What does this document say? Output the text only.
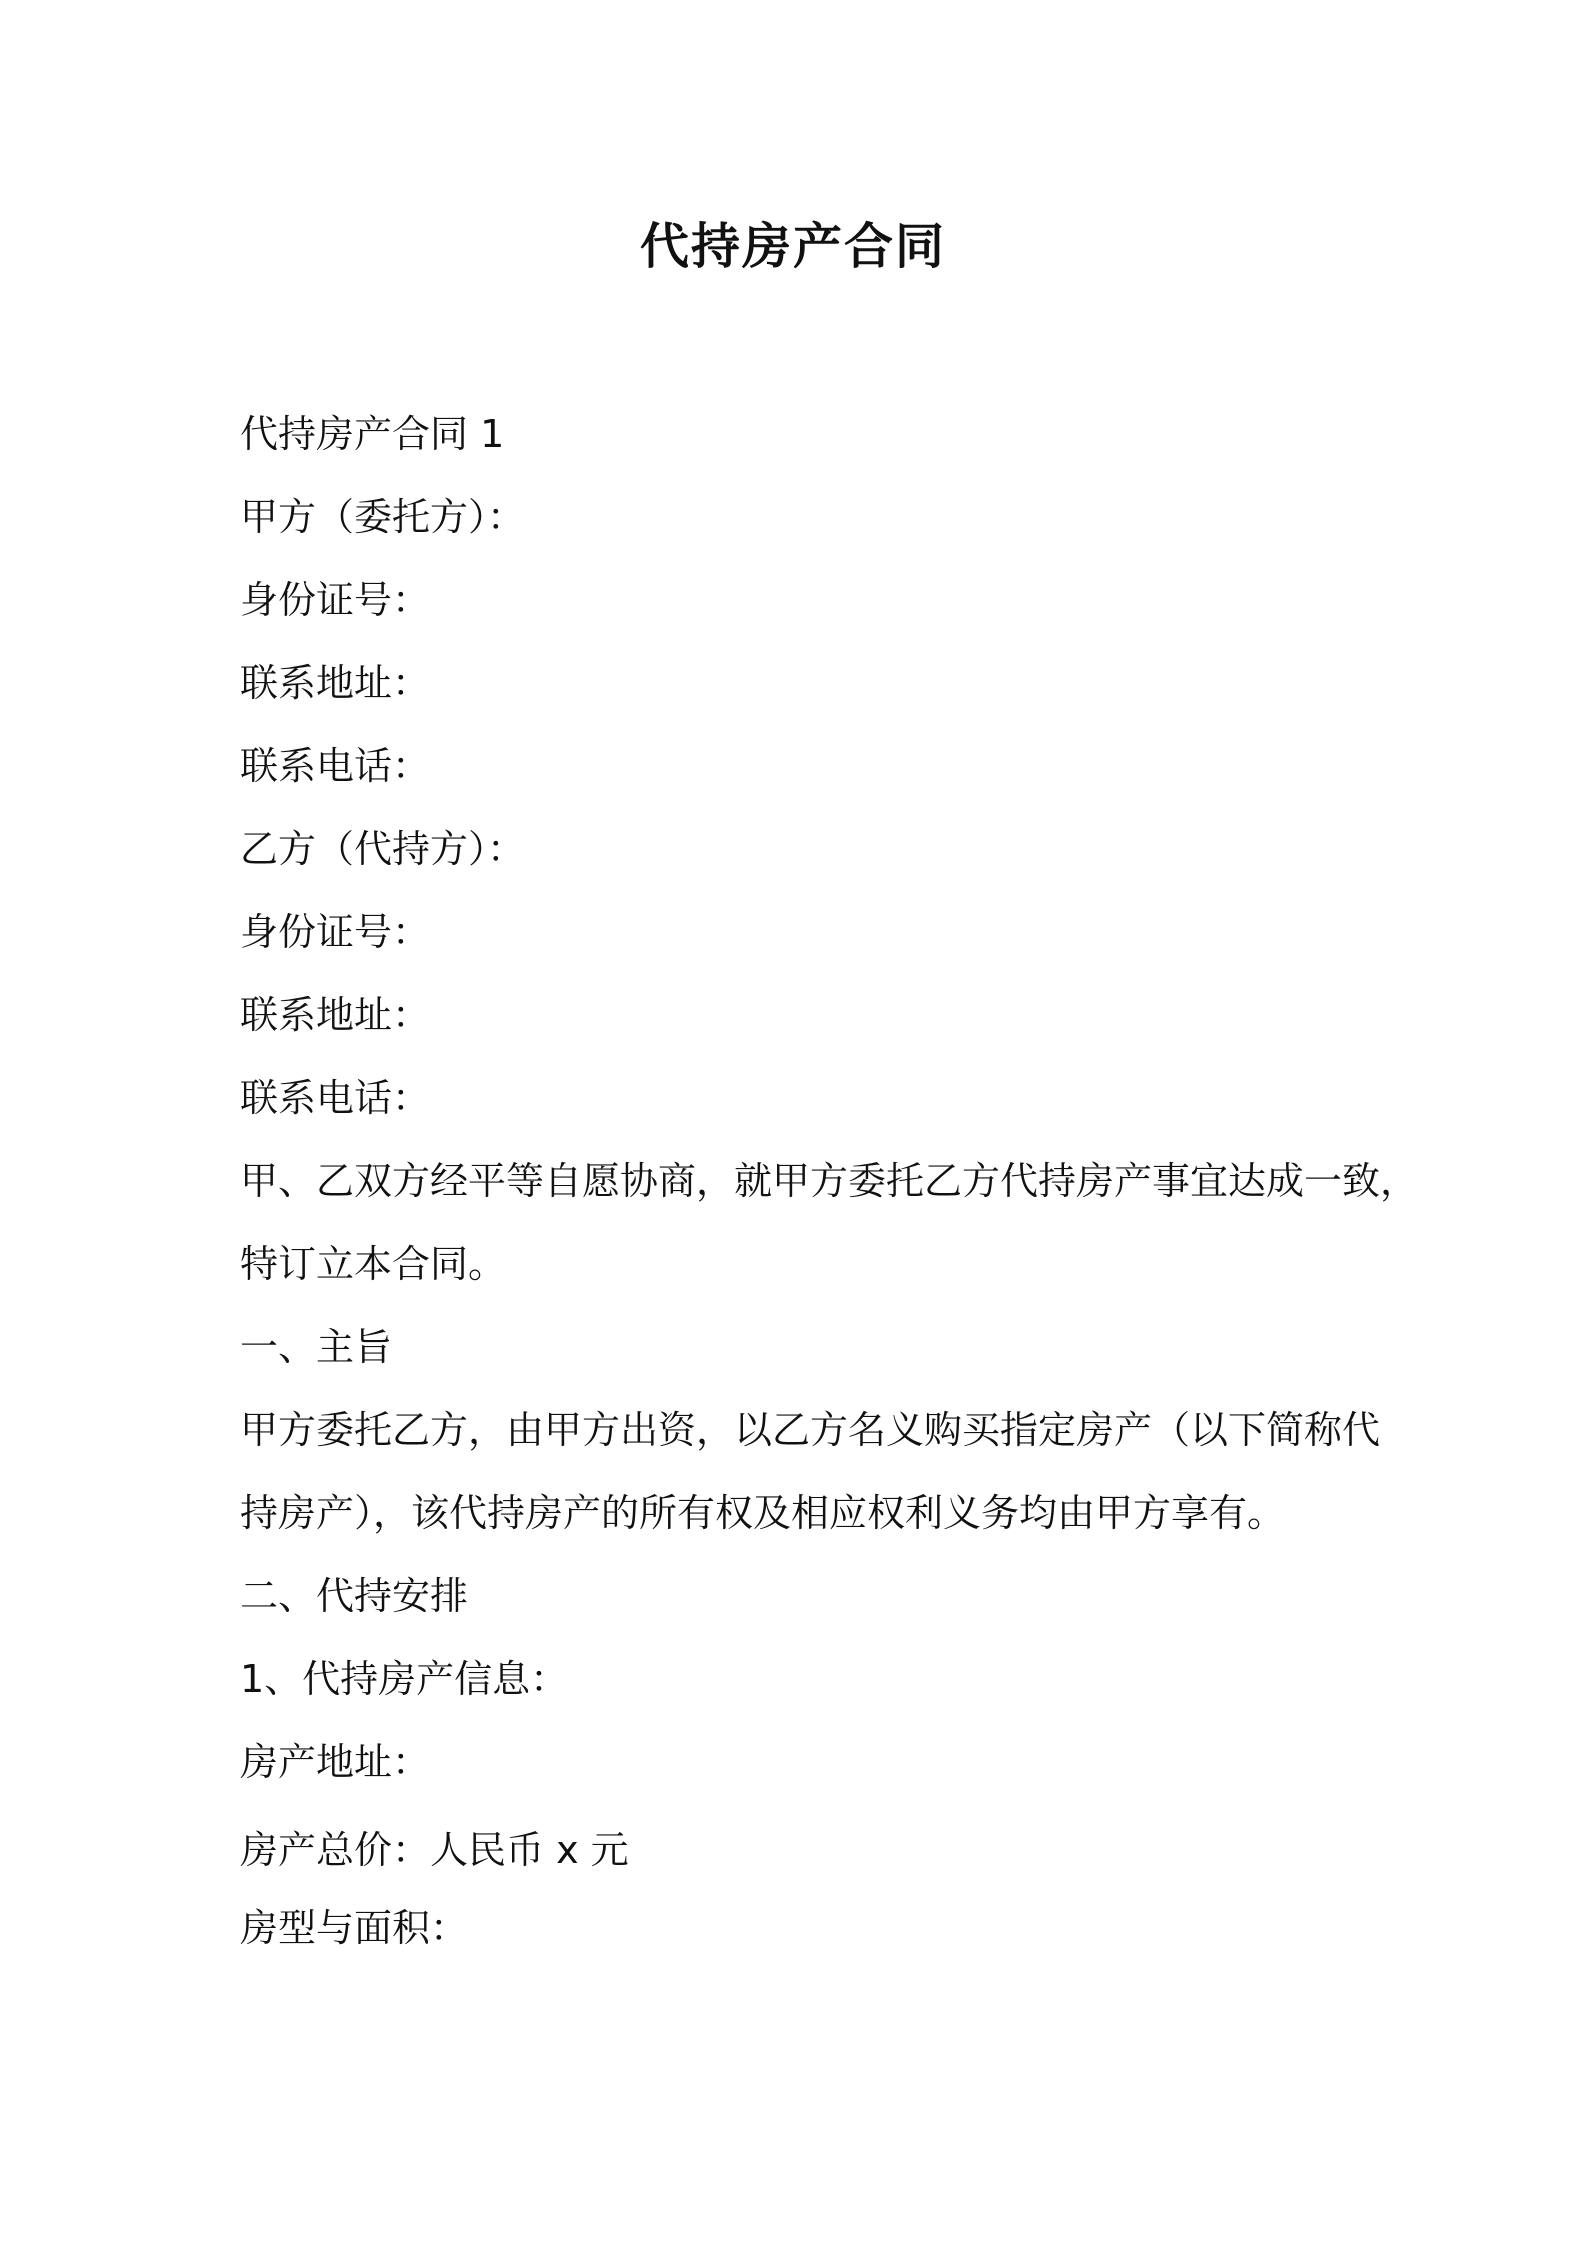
代持房产合同

代持房产合同 1

甲方（委托方）：

身份证号：

联系地址：

联系电话：

乙方（代持方）：

身份证号：

联系地址：

联系电话：

甲、乙双方经平等自愿协商，就甲方委托乙方代持房产事宜达成一致，

特订立本合同。

一、主旨

甲方委托乙方，由甲方出资，以乙方名义购买指定房产（以下简称代

持房产），该代持房产的所有权及相应权利义务均由甲方享有。

二、代持安排

1、代持房产信息：

房产地址：

房产总价：人民币 x 元

房型与面积：
